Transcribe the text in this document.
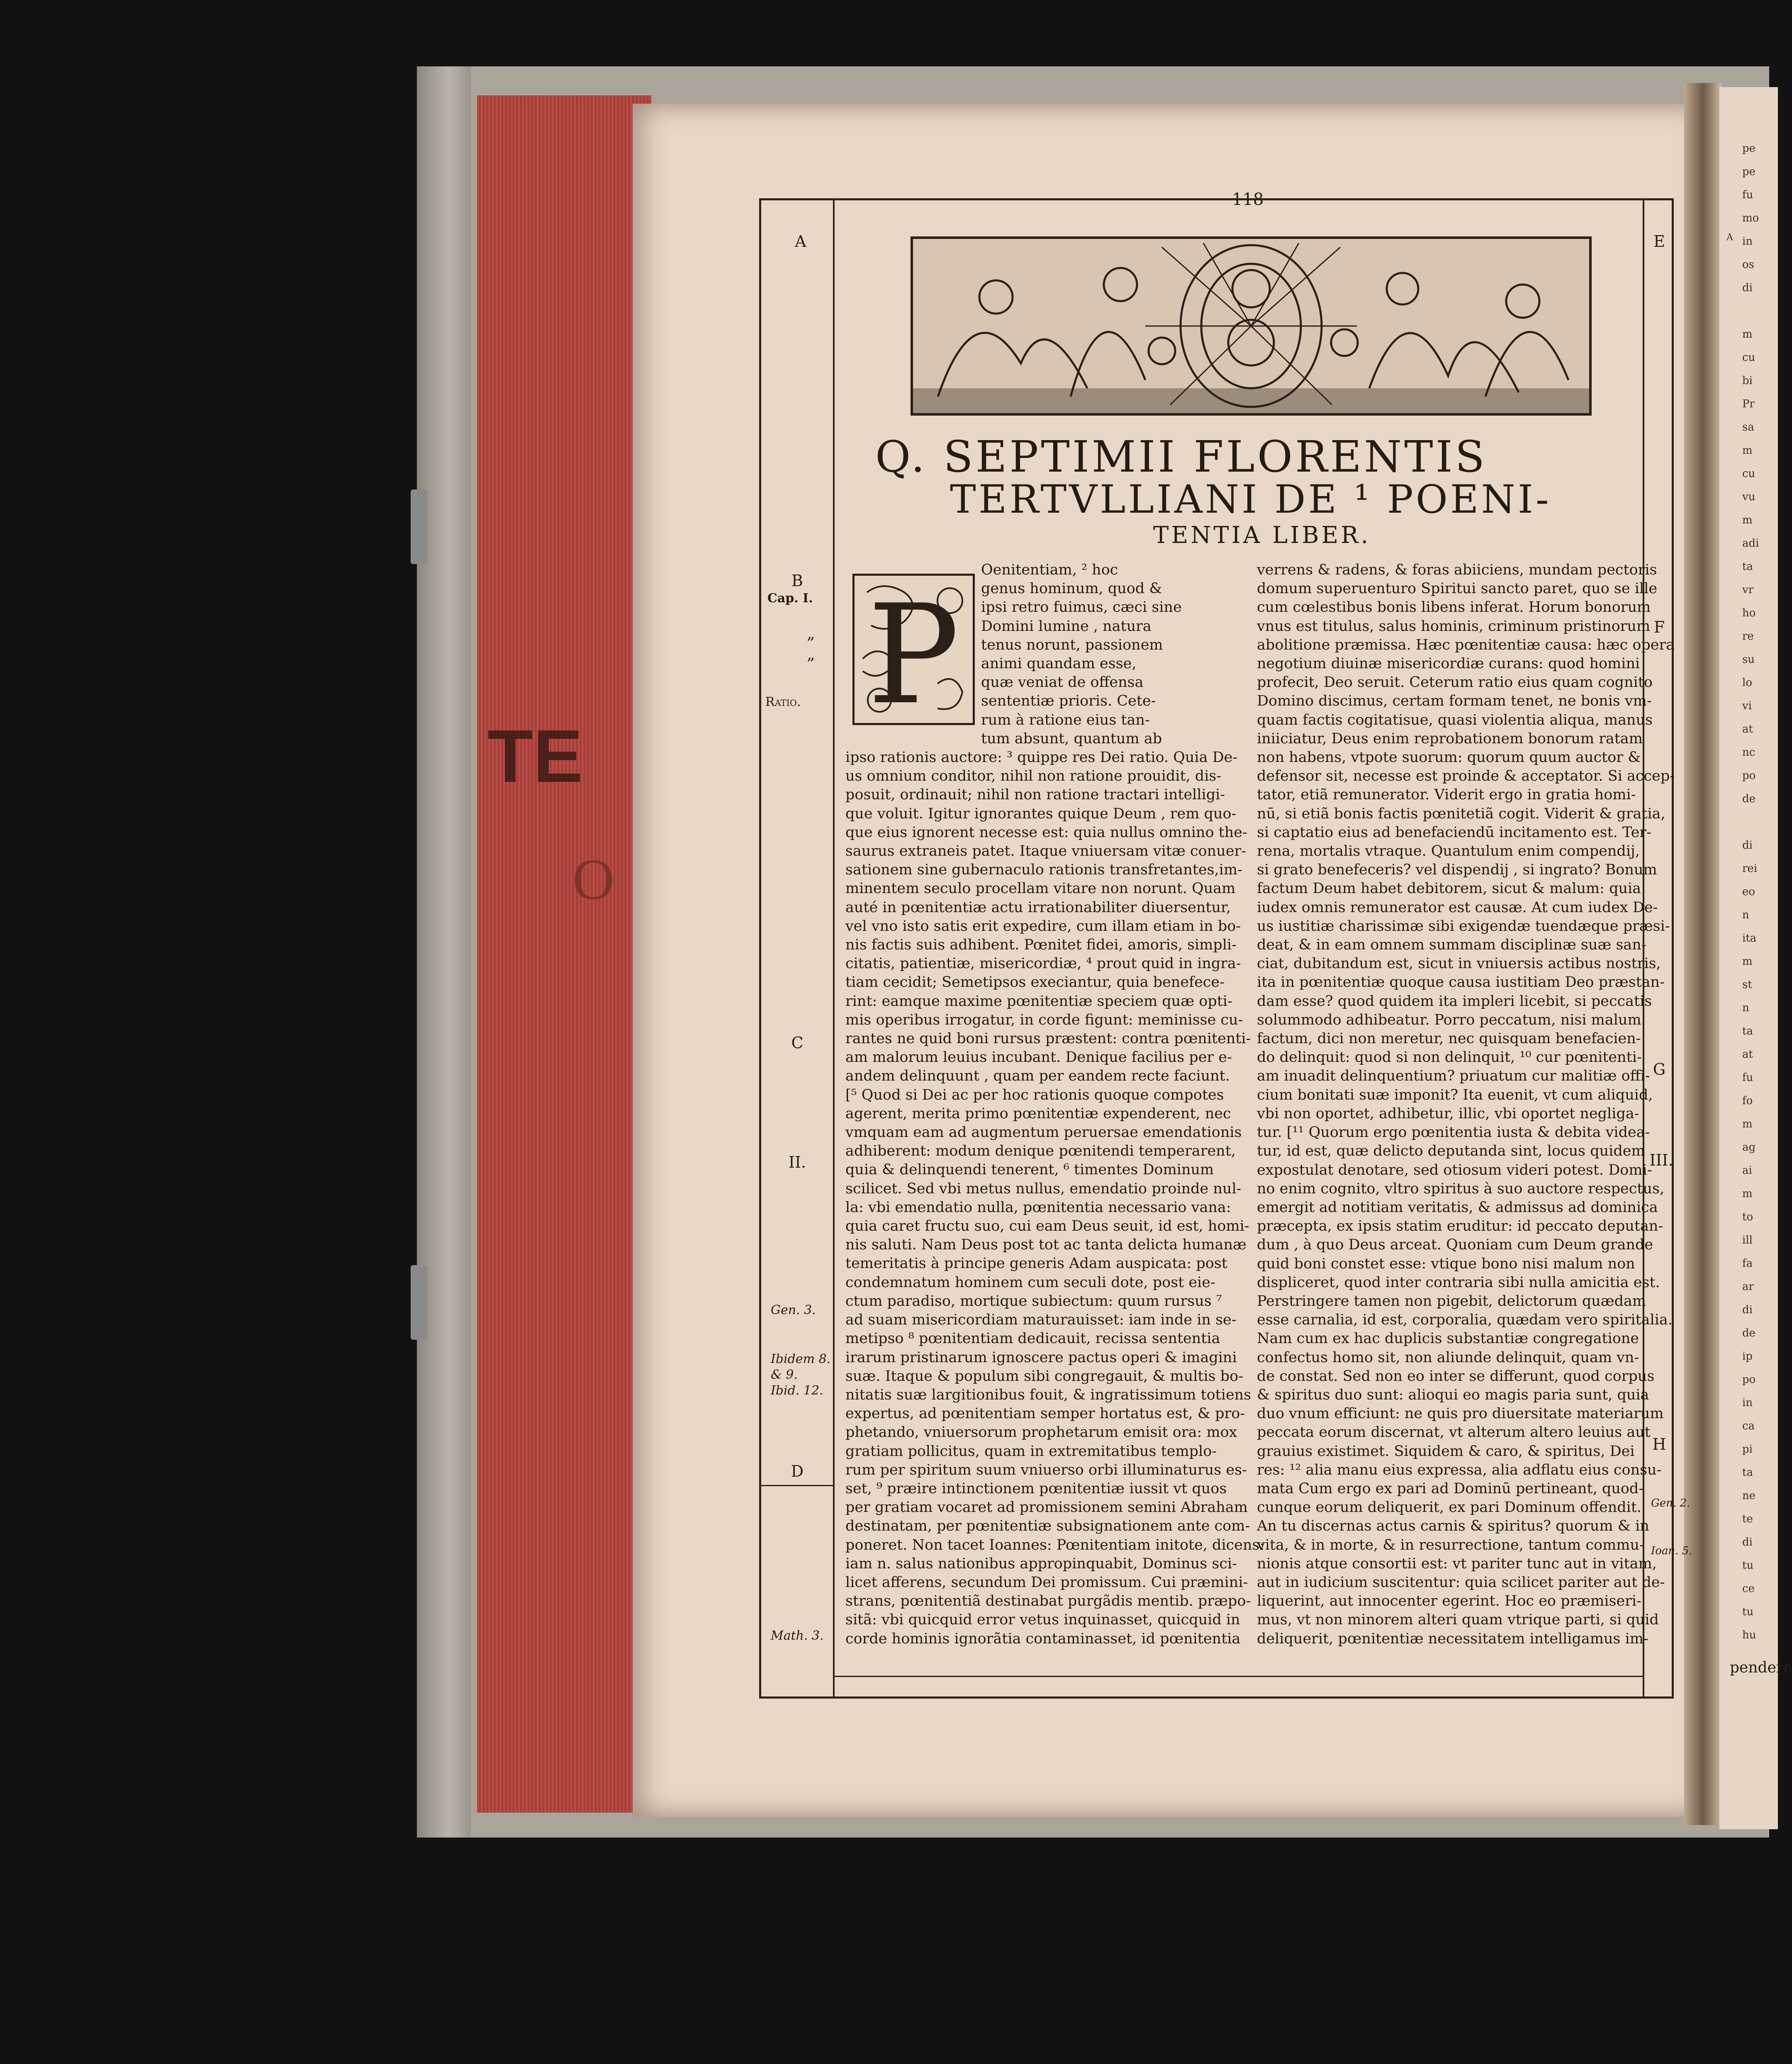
TE
O
pe
pe
fu
mo
in
os
di

m
cu
bi
Pr
sa
m
cu
vu
m
adi
ta
vr
ho
re
su
lo
vi
at
nc
po
de

di
rei
eo
n
ita
m
st
n
ta
at
fu
fo
m
ag
ai
m
to
ill
fa
ar
di
de
ip
po
in
ca
pi
ta
ne
te
di
tu
ce
tu
hu
A
118
Q. SEPTIMII FLORENTIS
TERTVLLIANI DE ¹ POENI-
TENTIA LIBER.
P
Oenitentiam, ² hoc
genus hominum, quod &
ipsi retro fuimus, cæci sine
Domini lumine , natura
tenus norunt, passionem
animi quandam esse,
quæ veniat de offensa
sententiæ prioris. Cete-
rum à ratione eius tan-
tum absunt, quantum ab
ipso rationis auctore: ³ quippe res Dei ratio. Quia De-
us omnium conditor, nihil non ratione prouidit, dis-
posuit, ordinauit; nihil non ratione tractari intelligi-
que voluit. Igitur ignorantes quique Deum , rem quo-
que eius ignorent necesse est: quia nullus omnino the-
saurus extraneis patet. Itaque vniuersam vitæ conuer-
sationem sine gubernaculo rationis transfretantes,im-
minentem seculo procellam vitare non norunt. Quam
auté in pœnitentiæ actu irrationabiliter diuersentur,
vel vno isto satis erit expedire, cum illam etiam in bo-
nis factis suis adhibent. Pœnitet fidei, amoris, simpli-
citatis, patientiæ, misericordiæ, ⁴ prout quid in ingra-
tiam cecidit; Semetipsos execiantur, quia benefece-
rint: eamque maxime pœnitentiæ speciem quæ opti-
mis operibus irrogatur, in corde figunt: meminisse cu-
rantes ne quid boni rursus præstent: contra pœnitenti-
am malorum leuius incubant. Denique facilius per e-
andem delinquunt , quam per eandem recte faciunt.
[⁵ Quod si Dei ac per hoc rationis quoque compotes
agerent, merita primo pœnitentiæ expenderent, nec
vmquam eam ad augmentum peruersae emendationis
adhiberent: modum denique pœnitendi temperarent,
quia & delinquendi tenerent, ⁶ timentes Dominum
scilicet. Sed vbi metus nullus, emendatio proinde nul-
la: vbi emendatio nulla, pœnitentia necessario vana:
quia caret fructu suo, cui eam Deus seuit, id est, homi-
nis saluti. Nam Deus post tot ac tanta delicta humanæ
temeritatis à principe generis Adam auspicata: post
condemnatum hominem cum seculi dote, post eie-
ctum paradiso, mortique subiectum: quum rursus ⁷
ad suam misericordiam maturauisset: iam inde in se-
metipso ⁸ pœnitentiam dedicauit, recissa sententia
irarum pristinarum ignoscere pactus operi & imagini
suæ. Itaque & populum sibi congregauit, & multis bo-
nitatis suæ largitionibus fouit, & ingratissimum totiens
expertus, ad pœnitentiam semper hortatus est, & pro-
phetando, vniuersorum prophetarum emisit ora: mox
gratiam pollicitus, quam in extremitatibus templo-
rum per spiritum suum vniuerso orbi illuminaturus es-
set, ⁹ præire intinctionem pœnitentiæ iussit vt quos
per gratiam vocaret ad promissionem semini Abraham
destinatam, per pœnitentiæ subsignationem ante com-
poneret. Non tacet Ioannes: Pœnitentiam initote, dicens:
iam n. salus nationibus appropinquabit, Dominus sci-
licet afferens, secundum Dei promissum. Cui præmini-
strans, pœnitentiã destinabat purgãdis mentib. præpo-
sitã: vbi quicquid error vetus inquinasset, quicquid in
corde hominis ignorãtia contaminasset, id pœnitentia
verrens & radens, & foras abiiciens, mundam pectoris
domum superuenturo Spiritui sancto paret, quo se ille
cum cœlestibus bonis libens inferat. Horum bonorum
vnus est titulus, salus hominis, criminum pristinorum
abolitione præmissa. Hæc pœnitentiæ causa: hæc opera
negotium diuinæ misericordiæ curans: quod homini
profecit, Deo seruit. Ceterum ratio eius quam cognito
Domino discimus, certam formam tenet, ne bonis vm-
quam factis cogitatisue, quasi violentia aliqua, manus
iniiciatur, Deus enim reprobationem bonorum ratam
non habens, vtpote suorum: quorum quum auctor &
defensor sit, necesse est proinde & acceptator. Si accep-
tator, etiã remunerator. Viderit ergo in gratia homi-
nū, si etiã bonis factis pœnitetiã cogit. Viderit & gratia,
si captatio eius ad benefaciendū incitamento est. Ter-
rena, mortalis vtraque. Quantulum enim compendij,
si grato benefeceris? vel dispendij , si ingrato? Bonum
factum Deum habet debitorem, sicut & malum: quia
iudex omnis remunerator est causæ. At cum iudex De-
us iustitiæ charissimæ sibi exigendæ tuendæque præsi-
deat, & in eam omnem summam disciplinæ suæ san-
ciat, dubitandum est, sicut in vniuersis actibus nostris,
ita in pœnitentiæ quoque causa iustitiam Deo præstan-
dam esse? quod quidem ita impleri licebit, si peccatis
solummodo adhibeatur. Porro peccatum, nisi malum
factum, dici non meretur, nec quisquam benefacien-
do delinquit: quod si non delinquit, ¹⁰ cur pœnitenti-
am inuadit delinquentium? priuatum cur malitiæ offi-
cium bonitati suæ imponit? Ita euenit, vt cum aliquid,
vbi non oportet, adhibetur, illic, vbi oportet negliga-
tur. [¹¹ Quorum ergo pœnitentia iusta & debita videa-
tur, id est, quæ delicto deputanda sint, locus quidem
expostulat denotare, sed otiosum videri potest. Domi-
no enim cognito, vltro spiritus à suo auctore respectus,
emergit ad notitiam veritatis, & admissus ad dominica
præcepta, ex ipsis statim eruditur: id peccato deputan-
dum , à quo Deus arceat. Quoniam cum Deum grande
quid boni constet esse: vtique bono nisi malum non
displiceret, quod inter contraria sibi nulla amicitia est.
Perstringere tamen non pigebit, delictorum quædam
esse carnalia, id est, corporalia, quædam vero spiritalia.
Nam cum ex hac duplicis substantiæ congregatione
confectus homo sit, non aliunde delinquit, quam vn-
de constat. Sed non eo inter se differunt, quod corpus
& spiritus duo sunt: alioqui eo magis paria sunt, quia
duo vnum efficiunt: ne quis pro diuersitate materiarum
peccata eorum discernat, vt alterum altero leuius aut
grauius existimet. Siquidem & caro, & spiritus, Dei
res: ¹² alia manu eius expressa, alia adflatu eius consu-
mata Cum ergo ex pari ad Dominū pertineant, quod-
cunque eorum deliquerit, ex pari Dominum offendit.
An tu discernas actus carnis & spiritus? quorum & in
vita, & in morte, & in resurrectione, tantum commu-
nionis atque consortii est: vt pariter tunc aut in vitam,
aut in iudicium suscitentur: quia scilicet pariter aut de-
liquerint, aut innocenter egerint. Hoc eo præmiseri-
mus, vt non minorem alteri quam vtrique parti, si quid
deliquerit, pœnitentiæ necessitatem intelligamus im-
A
B
Cap. I.
„
„
Ratio.
C
II.
Gen. 3.
Ibidem 8.
& 9.
Ibid. 12.
D
Math. 3.
E
F
G
III.
H
Gen. 2.
Ioan. 5.
pendere
